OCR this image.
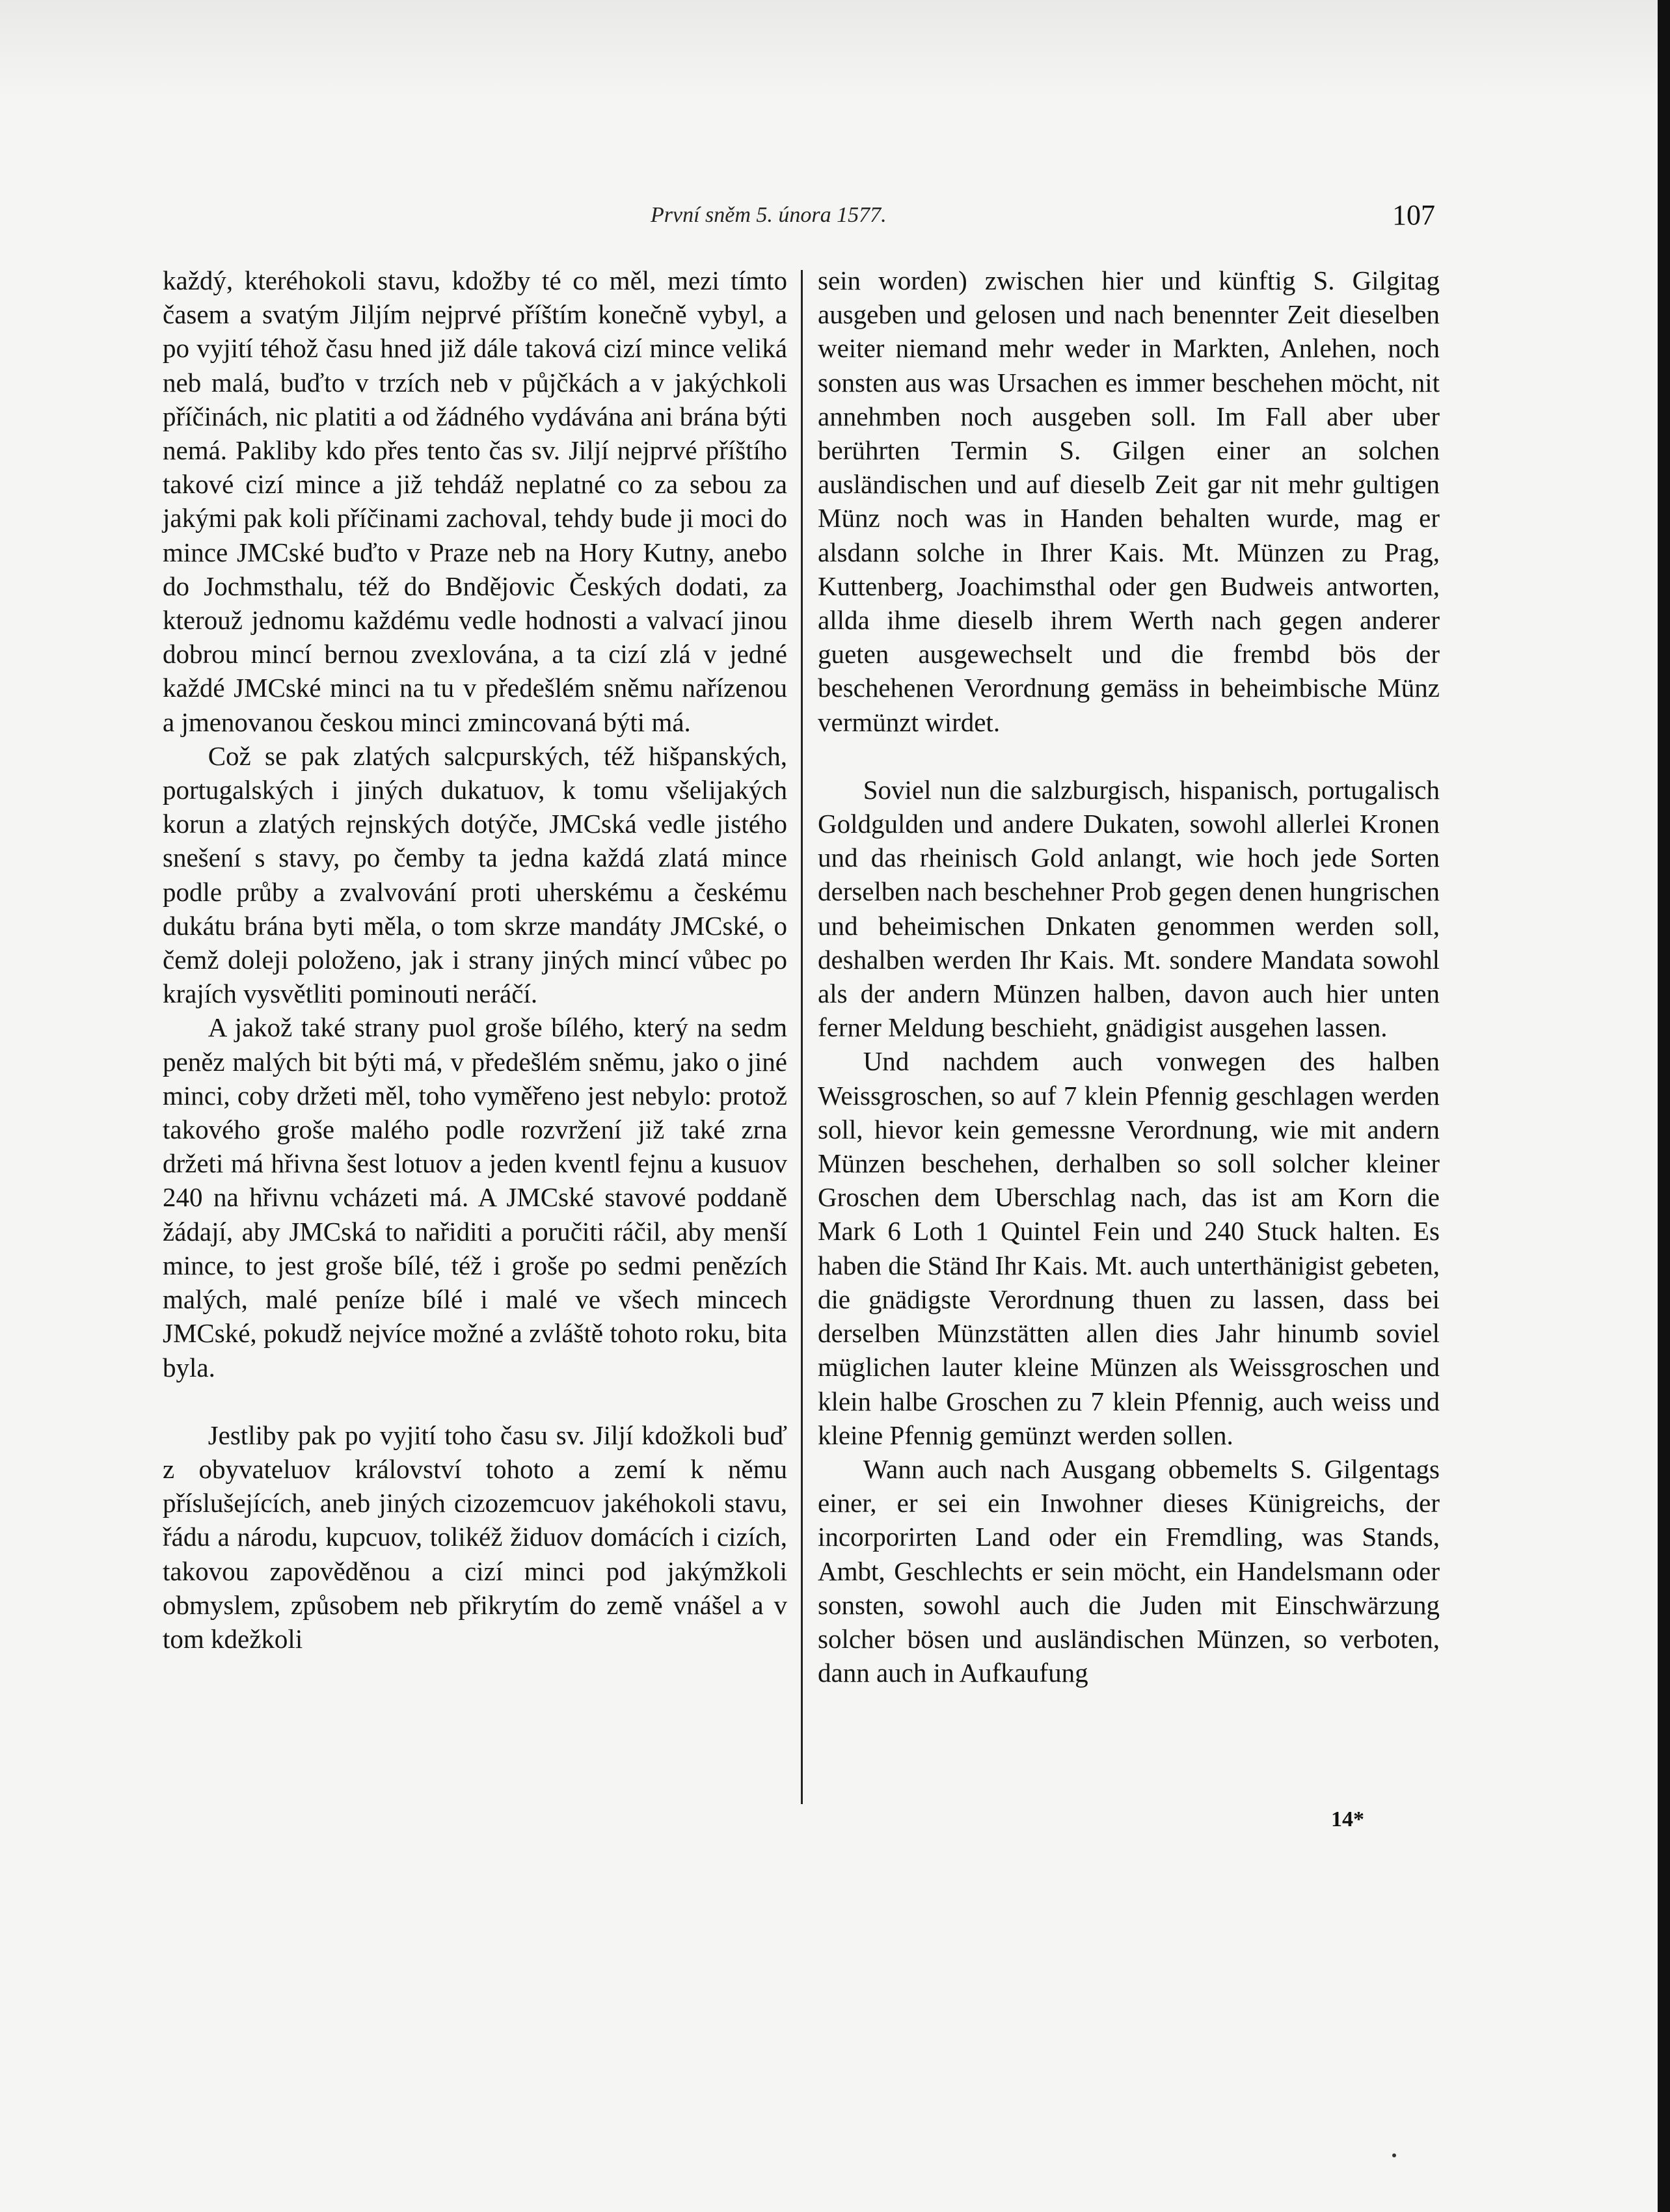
První sněm 5. února 1577.	107

každý, kteréhokoli stavu, kdožby té co měl, mezi tímto časem a svatým Jiljím nejprvé příštím konečně vybyl, a po vyjití téhož času hned již dále taková cizí mince veliká neb malá, buďto v trzích neb v půjčkách a v jakýchkoli příčinách, nic platiti a od žádného vydávána ani brána býti nemá. Pakliby kdo přes tento čas sv. Jiljí nejprvé příštího takové cizí mince a již tehdáž neplatné co za sebou za jakými pak koli příčinami zachoval, tehdy bude ji moci do mince JMCské buďto v Praze neb na Hory Kutny, anebo do Jochmsthalu, též do Bnděјovic Českých dodati, za kterouž jednomu každému vedle hodnosti a valvací jinou dobrou mincí bernou zvexlována, a ta cizí zlá v jedné každé JMCské minci na tu v předešlém sněmu nařízenou a jmenovanou českou minci zmincovaná býti má.

Což se pak zlatých salcpurských, též hišpanských, portugalských i jiných dukatuov, k tomu všelijakých korun a zlatých rejnských dotýče, JMCská vedle jistého snešení s stavy, po čemby ta jedna každá zlatá mince podle průby a zvalvování proti uherskému a českému dukátu brána byti měla, o tom skrze mandáty JMCské, o čemž doleji položeno, jak i strany jiných mincí vůbec po krajích vysvětliti pominouti neráčí.

A jakož také strany puol groše bílého, který na sedm peněz malých bit býti má, v předešlém sněmu, jako o jiné minci, coby držeti měl, toho vyměřeno jest nebylo: protož takového groše malého podle rozvržení již také zrna držeti má hřivna šest lotuov a jeden kventl fejnu a kusuov 240 na hřivnu vcházeti má. A JMCské stavové poddaně žádají, aby JMCská to nařiditi a poručiti ráčil, aby menší mince, to jest groše bílé, též i groše po sedmi penězích malých, malé peníze bílé i malé ve všech mincech JMCské, pokudž nejvíce možné a zvláště tohoto roku, bita byla.

Jestliby pak po vyjití toho času sv. Jiljí kdožkoli buď z obyvateluov království tohoto a zemí k němu příslušejících, aneb jiných cizozemcuov jakéhokoli stavu, řádu a národu, kupcuov, tolikéž židuov domácích i cizích, takovou zapověděnou a cizí minci pod jakýmžkoli obmyslem, způsobem neb přikrytím do země vnášel a v tom kdežkoli

sein worden) zwischen hier und künftig S. Gilgitag ausgeben und gelosen und nach benennter Zeit dieselben weiter niemand mehr weder in Markten, Anlehen, noch sonsten aus was Ursachen es immer beschehen möcht, nit annehmben noch ausgeben soll. Im Fall aber uber berührten Termin S. Gilgen einer an solchen ausländischen und auf dieselb Zeit gar nit mehr gultigen Münz noch was in Handen behalten wurde, mag er alsdann solche in Ihrer Kais. Mt. Münzen zu Prag, Kuttenberg, Joachimsthal oder gen Budweis antworten, allda ihme dieselb ihrem Werth nach gegen anderer gueten ausgewechselt und die frembd bös der beschehenen Verordnung gemäss in beheimbische Münz vermünzt wirdet.

Soviel nun die salzburgisch, hispanisch, portugalisch Goldgulden und andere Dukaten, sowohl allerlei Kronen und das rheinisch Gold anlangt, wie hoch jede Sorten derselben nach beschehner Prob gegen denen hungrischen und beheimischen Dnkaten genommen werden soll, deshalben werden Ihr Kais. Mt. sondere Mandata sowohl als der andern Münzen halben, davon auch hier unten ferner Meldung beschieht, gnädigist ausgehen lassen.

Und nachdem auch vonwegen des halben Weissgroschen, so auf 7 klein Pfennig geschlagen werden soll, hievor kein gemessne Verordnung, wie mit andern Münzen beschehen, derhalben so soll solcher kleiner Groschen dem Uberschlag nach, das ist am Korn die Mark 6 Loth 1 Quintel Fein und 240 Stuck halten. Es haben die Stänԁ Ihr Kais. Mt. auch unterthänigist gebeten, die gnädigste Verordnung thuen zu lassen, dass bei derselben Münzstätten allen dies Jahr hinumb soviel müglichen lauter kleine Münzen als Weissgroschen und klein halbe Groschen zu 7 klein Pfennig, auch weiss und kleine Pfennig gemünzt werden sollen.

Wann auch nach Ausgang obbemelts S. Gilgentags einer, er sei ein Inwohner dieses Künigreichs, der incorporirten Land oder ein Fremdling, was Stands, Ambt, Geschlechts er sein möcht, ein Handelsmann oder sonsten, sowohl auch die Juden mit Einschwärzung solcher bösen und ausländischen Münzen, so verboten, dann auch in Aufkaufung

14*
